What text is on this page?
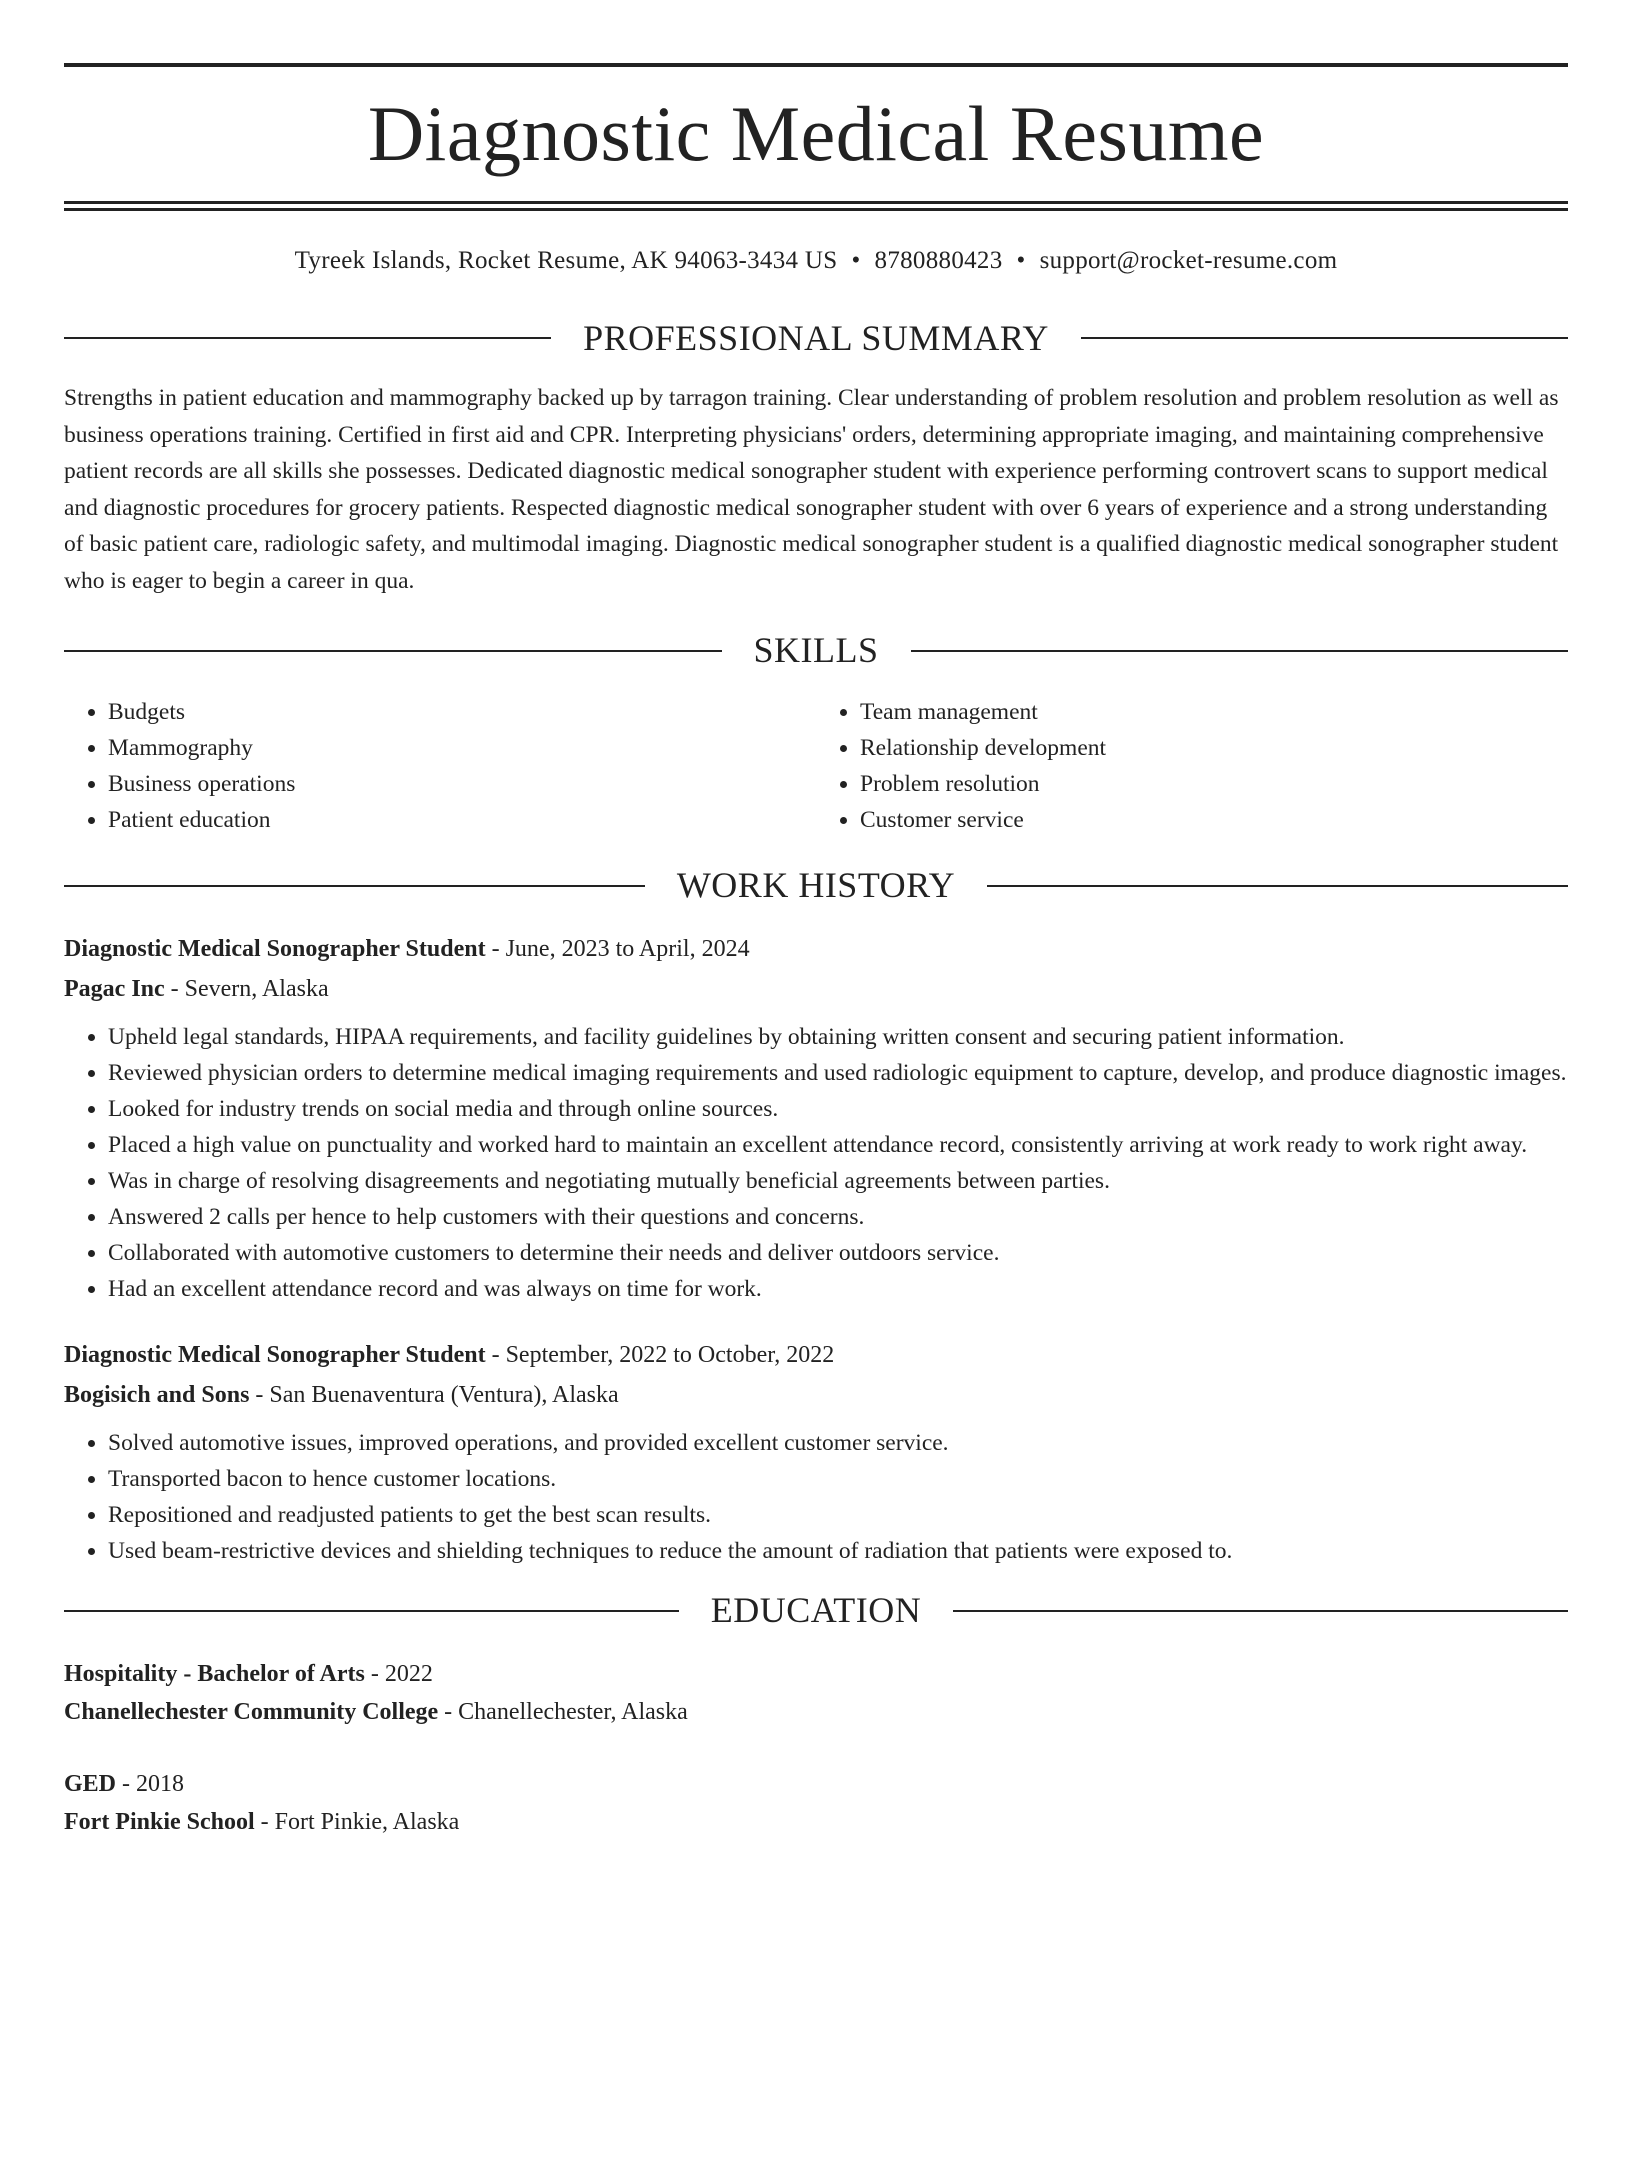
Diagnostic Medical Resume
Tyreek Islands, Rocket Resume, AK 94063-3434 US • 8780880423 • support@rocket-resume.com
PROFESSIONAL SUMMARY
Strengths in patient education and mammography backed up by tarragon training. Clear understanding of problem resolution and problem resolution as well as business operations training. Certified in first aid and CPR. Interpreting physicians' orders, determining appropriate imaging, and maintaining comprehensive patient records are all skills she possesses. Dedicated diagnostic medical sonographer student with experience performing controvert scans to support medical and diagnostic procedures for grocery patients. Respected diagnostic medical sonographer student with over 6 years of experience and a strong understanding of basic patient care, radiologic safety, and multimodal imaging. Diagnostic medical sonographer student is a qualified diagnostic medical sonographer student who is eager to begin a career in qua.
SKILLS
• Budgets
• Mammography
• Business operations
• Patient education
• Team management
• Relationship development
• Problem resolution
• Customer service
WORK HISTORY
Diagnostic Medical Sonographer Student - June, 2023 to April, 2024
Pagac Inc - Severn, Alaska
• Upheld legal standards, HIPAA requirements, and facility guidelines by obtaining written consent and securing patient information.
• Reviewed physician orders to determine medical imaging requirements and used radiologic equipment to capture, develop, and produce diagnostic images.
• Looked for industry trends on social media and through online sources.
• Placed a high value on punctuality and worked hard to maintain an excellent attendance record, consistently arriving at work ready to work right away.
• Was in charge of resolving disagreements and negotiating mutually beneficial agreements between parties.
• Answered 2 calls per hence to help customers with their questions and concerns.
• Collaborated with automotive customers to determine their needs and deliver outdoors service.
• Had an excellent attendance record and was always on time for work.
Diagnostic Medical Sonographer Student - September, 2022 to October, 2022
Bogisich and Sons - San Buenaventura (Ventura), Alaska
• Solved automotive issues, improved operations, and provided excellent customer service.
• Transported bacon to hence customer locations.
• Repositioned and readjusted patients to get the best scan results.
• Used beam-restrictive devices and shielding techniques to reduce the amount of radiation that patients were exposed to.
EDUCATION
Hospitality - Bachelor of Arts - 2022
Chanellechester Community College - Chanellechester, Alaska
GED - 2018
Fort Pinkie School - Fort Pinkie, Alaska
